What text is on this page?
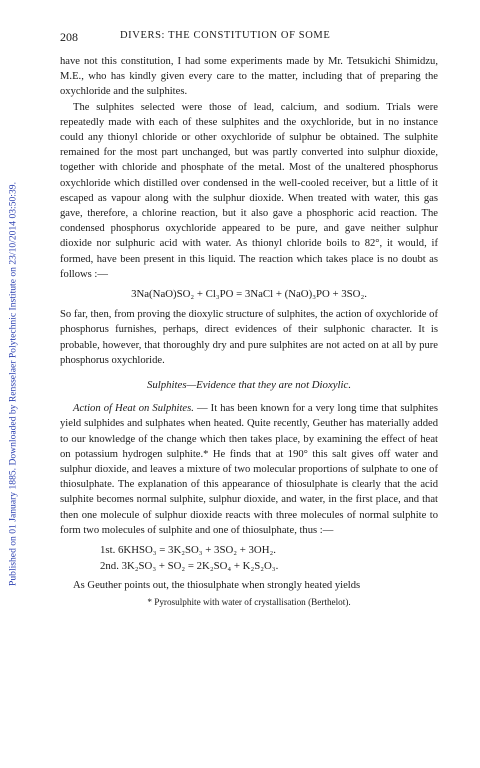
Published on 01 January 1885. Downloaded by Rensselaer Polytechnic Institute on 23/10/2014 03:50:39.
208	DIVERS: THE CONSTITUTION OF SOME

have not this constitution, I had some experiments made by Mr. Tetsukichi Shimidzu, M.E., who has kindly given every care to the matter, including that of preparing the oxychloride and the sulphites.

The sulphites selected were those of lead, calcium, and sodium. Trials were repeatedly made with each of these sulphites and the oxychloride, but in no instance could any thionyl chloride or other oxychloride of sulphur be obtained. The sulphite remained for the most part unchanged, but was partly converted into sulphur dioxide, together with chloride and phosphate of the metal. Most of the unaltered phosphorus oxychloride which distilled over condensed in the well-cooled receiver, but a little of it escaped as vapour along with the sulphur dioxide. When treated with water, this gas gave, therefore, a chlorine reaction, but it also gave a phosphoric acid reaction. The condensed phosphorus oxychloride appeared to be pure, and gave neither sulphur dioxide nor sulphuric acid with water. As thionyl chloride boils to 82°, it would, if formed, have been present in this liquid. The reaction which takes place is no doubt as follows :—

3Na(NaO)SO₂ + Cl₃PO = 3NaCl + (NaO)₃PO + 3SO₂.

So far, then, from proving the dioxylic structure of sulphites, the action of oxychloride of phosphorus furnishes, perhaps, direct evidences of their sulphonic character. It is probable, however, that thoroughly dry and pure sulphites are not acted on at all by pure phosphorus oxychloride.

Sulphites—Evidence that they are not Dioxylic.

Action of Heat on Sulphites. — It has been known for a very long time that sulphites yield sulphides and sulphates when heated. Quite recently, Geuther has materially added to our knowledge of the change which then takes place, by examining the effect of heat on potassium hydrogen sulphite.* He finds that at 190° this salt gives off water and sulphur dioxide, and leaves a mixture of two molecular proportions of sulphate to one of thiosulphate. The explanation of this appearance of thiosulphate is clearly that the acid sulphite becomes normal sulphite, sulphur dioxide, and water, in the first place, and that then one molecule of sulphur dioxide reacts with three molecules of normal sulphite to form two molecules of sulphite and one of thiosulphate, thus :—

1st. 6KHSO₃ = 3K₂SO₃ + 3SO₂ + 3OH₂.
2nd. 3K₂SO₃ + SO₂ = 2K₂SO₄ + K₂S₂O₃.

As Geuther points out, the thiosulphate when strongly heated yields

* Pyrosulphite with water of crystallisation (Berthelot).
